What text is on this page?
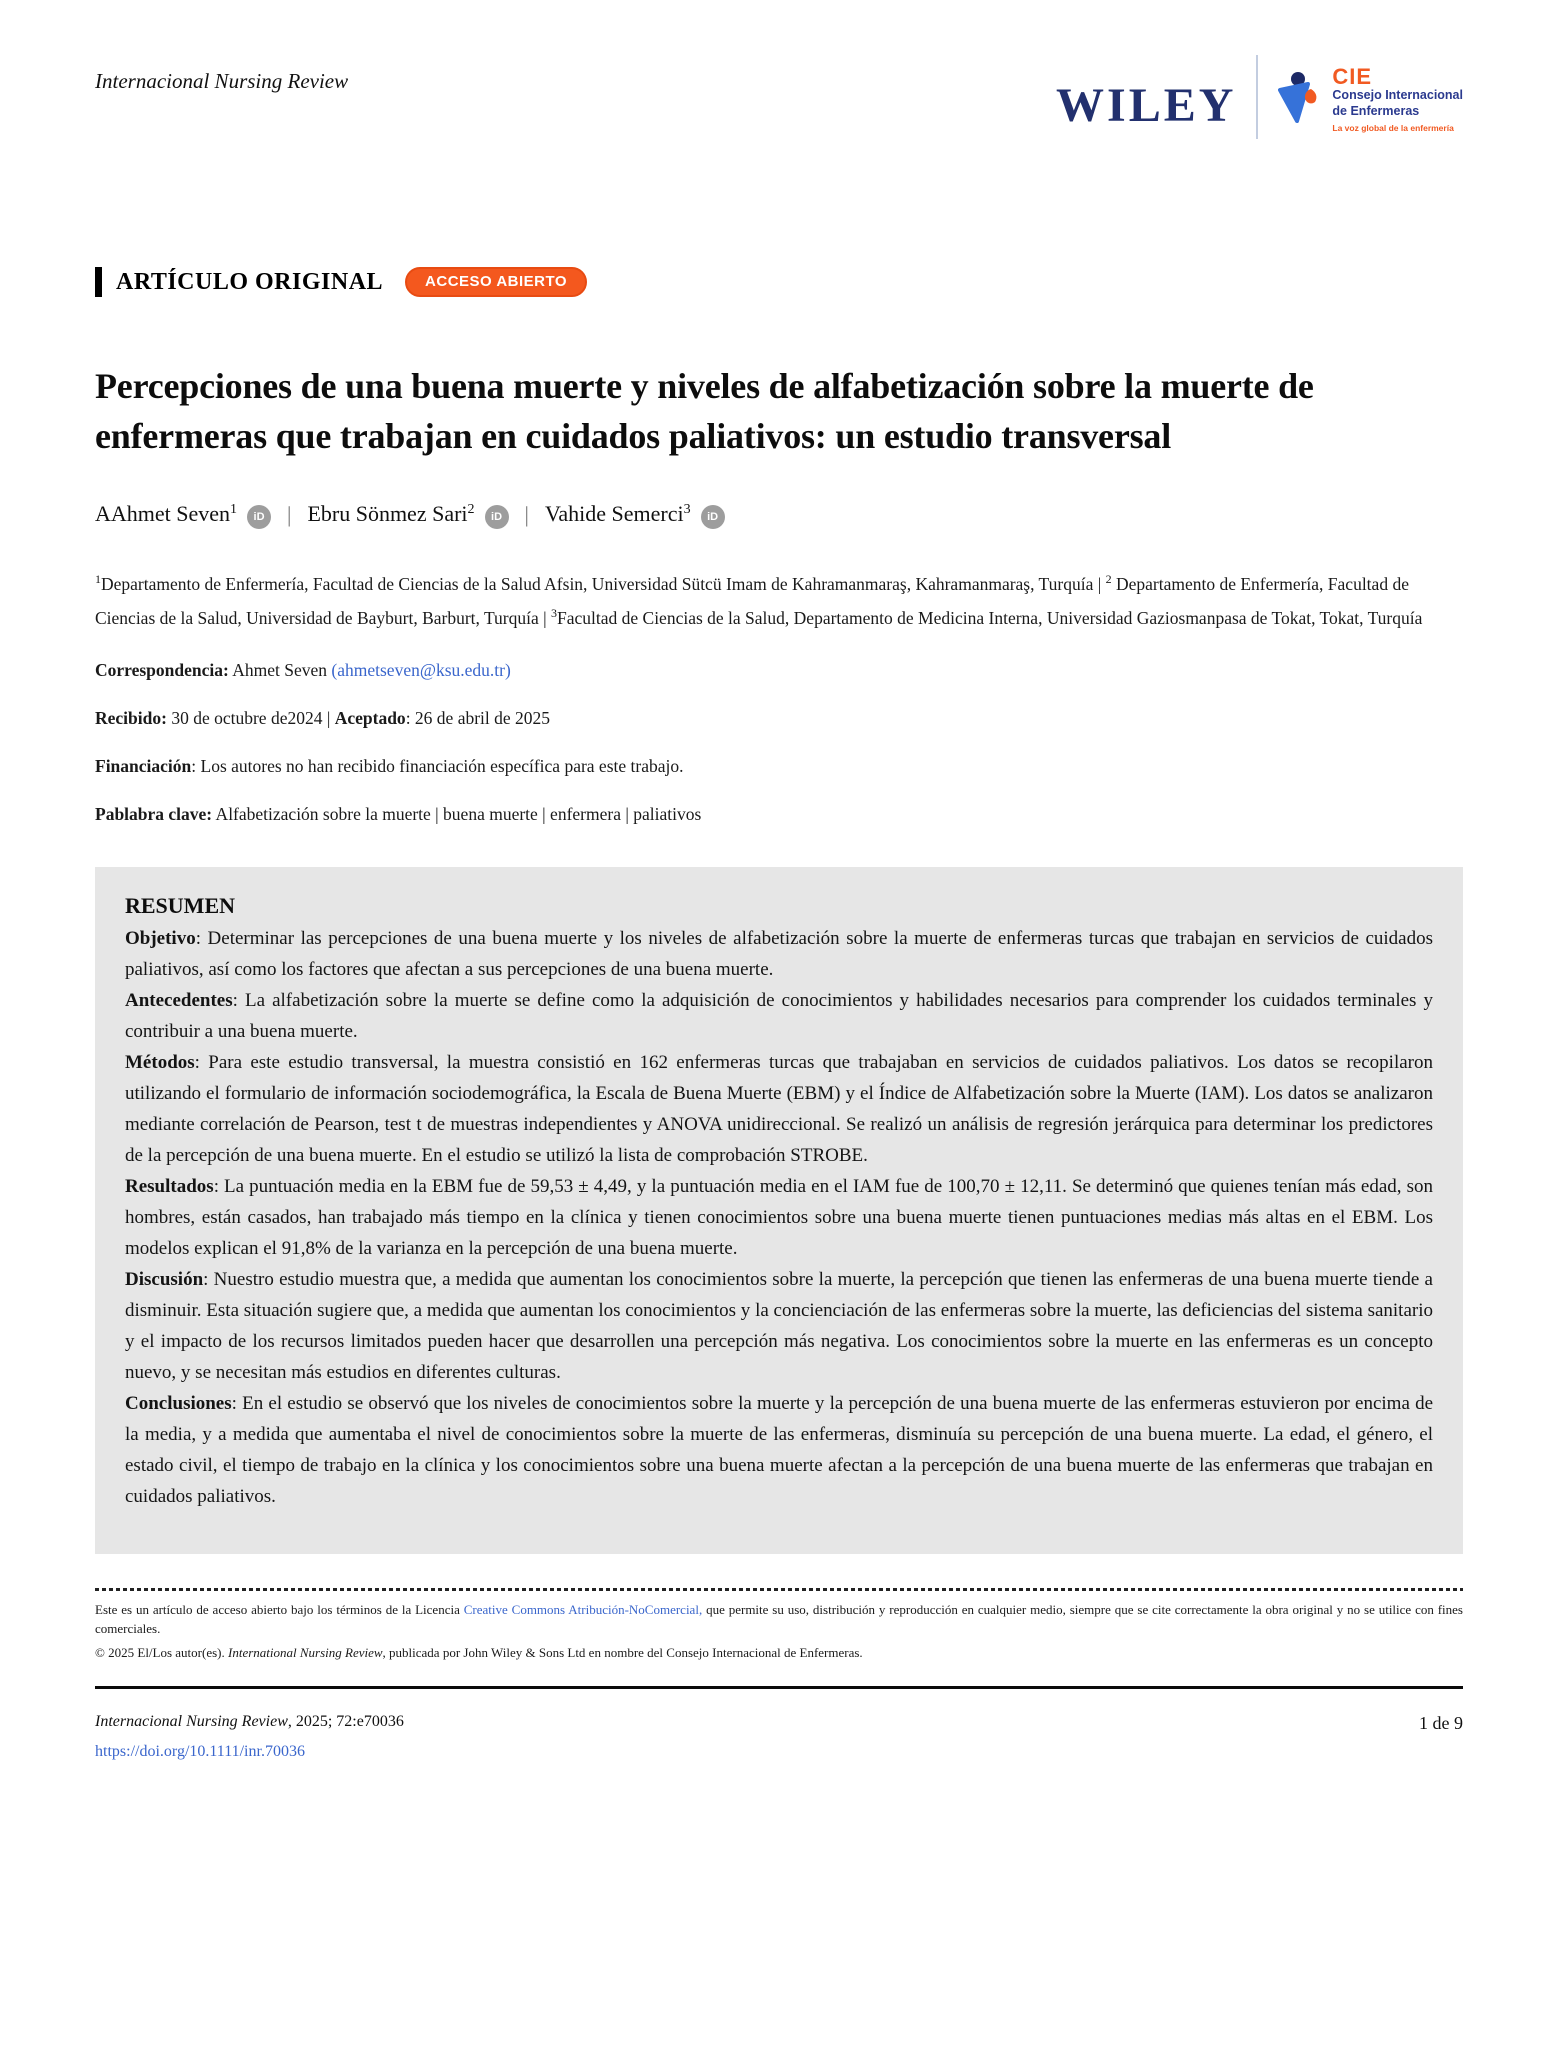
Internacional Nursing Review	WILEY
CIE
Consejo Internacional
de Enfermeras
La voz global de la enfermería
ARTÍCULO ORIGINAL	ACCESO ABIERTO
Percepciones de una buena muerte y niveles de alfabetización sobre la muerte de enfermeras que trabajan en cuidados paliativos: un estudio transversal
AAhmet Seven 1	iD | Ebru Sönmez Sari 2	iD | Vahide Semerci 3	iD

$^1$Departamento de Enfermería, Facultad de Ciencias de la Salud Afsin, Universidad Sütcü Imam de Kahramanmaraş, Kahramanmaraş, Turquía | $^2$ Departamento de Enfermería, Facultad de Ciencias de la Salud, Universidad de Bayburt, Barburt, Turquía | $^3$Facultad de Ciencias de la Salud, Departamento de Medicina Interna, Universidad Gaziosmanpasa de Tokat, Tokat, Turquía

Correspondencia: Ahmet Seven (ahmetseven@ksu.edu.tr)

Recibido: 30 de octubre de2024 | Aceptado: 26 de abril de 2025

Financiación: Los autores no han recibido financiación específica para este trabajo.

Pablabra clave: Alfabetización sobre la muerte | buena muerte | enfermera | paliativos

RESUMEN

Objetivo: Determinar las percepciones de una buena muerte y los niveles de alfabetización sobre la muerte de enfermeras turcas que trabajan en servicios de cuidados paliativos, así como los factores que afectan a sus percepciones de una buena muerte.

Antecedentes: La alfabetización sobre la muerte se define como la adquisición de conocimientos y habilidades necesarios para comprender los cuidados terminales y contribuir a una buena muerte.

Métodos: Para este estudio transversal, la muestra consistió en 162 enfermeras turcas que trabajaban en servicios de cuidados paliativos. Los datos se recopilaron utilizando el formulario de información sociodemográfica, la Escala de Buena Muerte (EBM) y el Índice de Alfabetización sobre la Muerte (IAM). Los datos se analizaron mediante correlación de Pearson, test t de muestras independientes y ANOVA unidireccional. Se realizó un análisis de regresión jerárquica para determinar los predictores de la percepción de una buena muerte. En el estudio se utilizó la lista de comprobación STROBE.

Resultados: La puntuación media en la EBM fue de 59,53 ± 4,49, y la puntuación media en el IAM fue de 100,70 ± 12,11. Se determinó que quienes tenían más edad, son hombres, están casados, han trabajado más tiempo en la clínica y tienen conocimientos sobre una buena muerte tienen puntuaciones medias más altas en el EBM. Los modelos explican el 91,8% de la varianza en la percepción de una buena muerte.

Discusión: Nuestro estudio muestra que, a medida que aumentan los conocimientos sobre la muerte, la percepción que tienen las enfermeras de una buena muerte tiende a disminuir. Esta situación sugiere que, a medida que aumentan los conocimientos y la concienciación de las enfermeras sobre la muerte, las deficiencias del sistema sanitario y el impacto de los recursos limitados pueden hacer que desarrollen una percepción más negativa. Los conocimientos sobre la muerte en las enfermeras es un concepto nuevo, y se necesitan más estudios en diferentes culturas.

Conclusiones: En el estudio se observó que los niveles de conocimientos sobre la muerte y la percepción de una buena muerte de las enfermeras estuvieron por encima de la media, y a medida que aumentaba el nivel de conocimientos sobre la muerte de las enfermeras, disminuía su percepción de una buena muerte. La edad, el género, el estado civil, el tiempo de trabajo en la clínica y los conocimientos sobre una buena muerte afectan a la percepción de una buena muerte de las enfermeras que trabajan en cuidados paliativos.

Este es un artículo de acceso abierto bajo los términos de la Licencia Creative Commons Atribución-NoComercial, que permite su uso, distribución y reproducción en cualquier medio, siempre que se cite correctamente la obra original y no se utilice con fines comerciales.

© 2025 El/Los autor(es). International Nursing Review, publicada por John Wiley & Sons Ltd en nombre del Consejo Internacional de Enfermeras.

Internacional Nursing Review, 2025; 72:e70036
https://doi.org/10.1111/inr.70036
1 de 9
